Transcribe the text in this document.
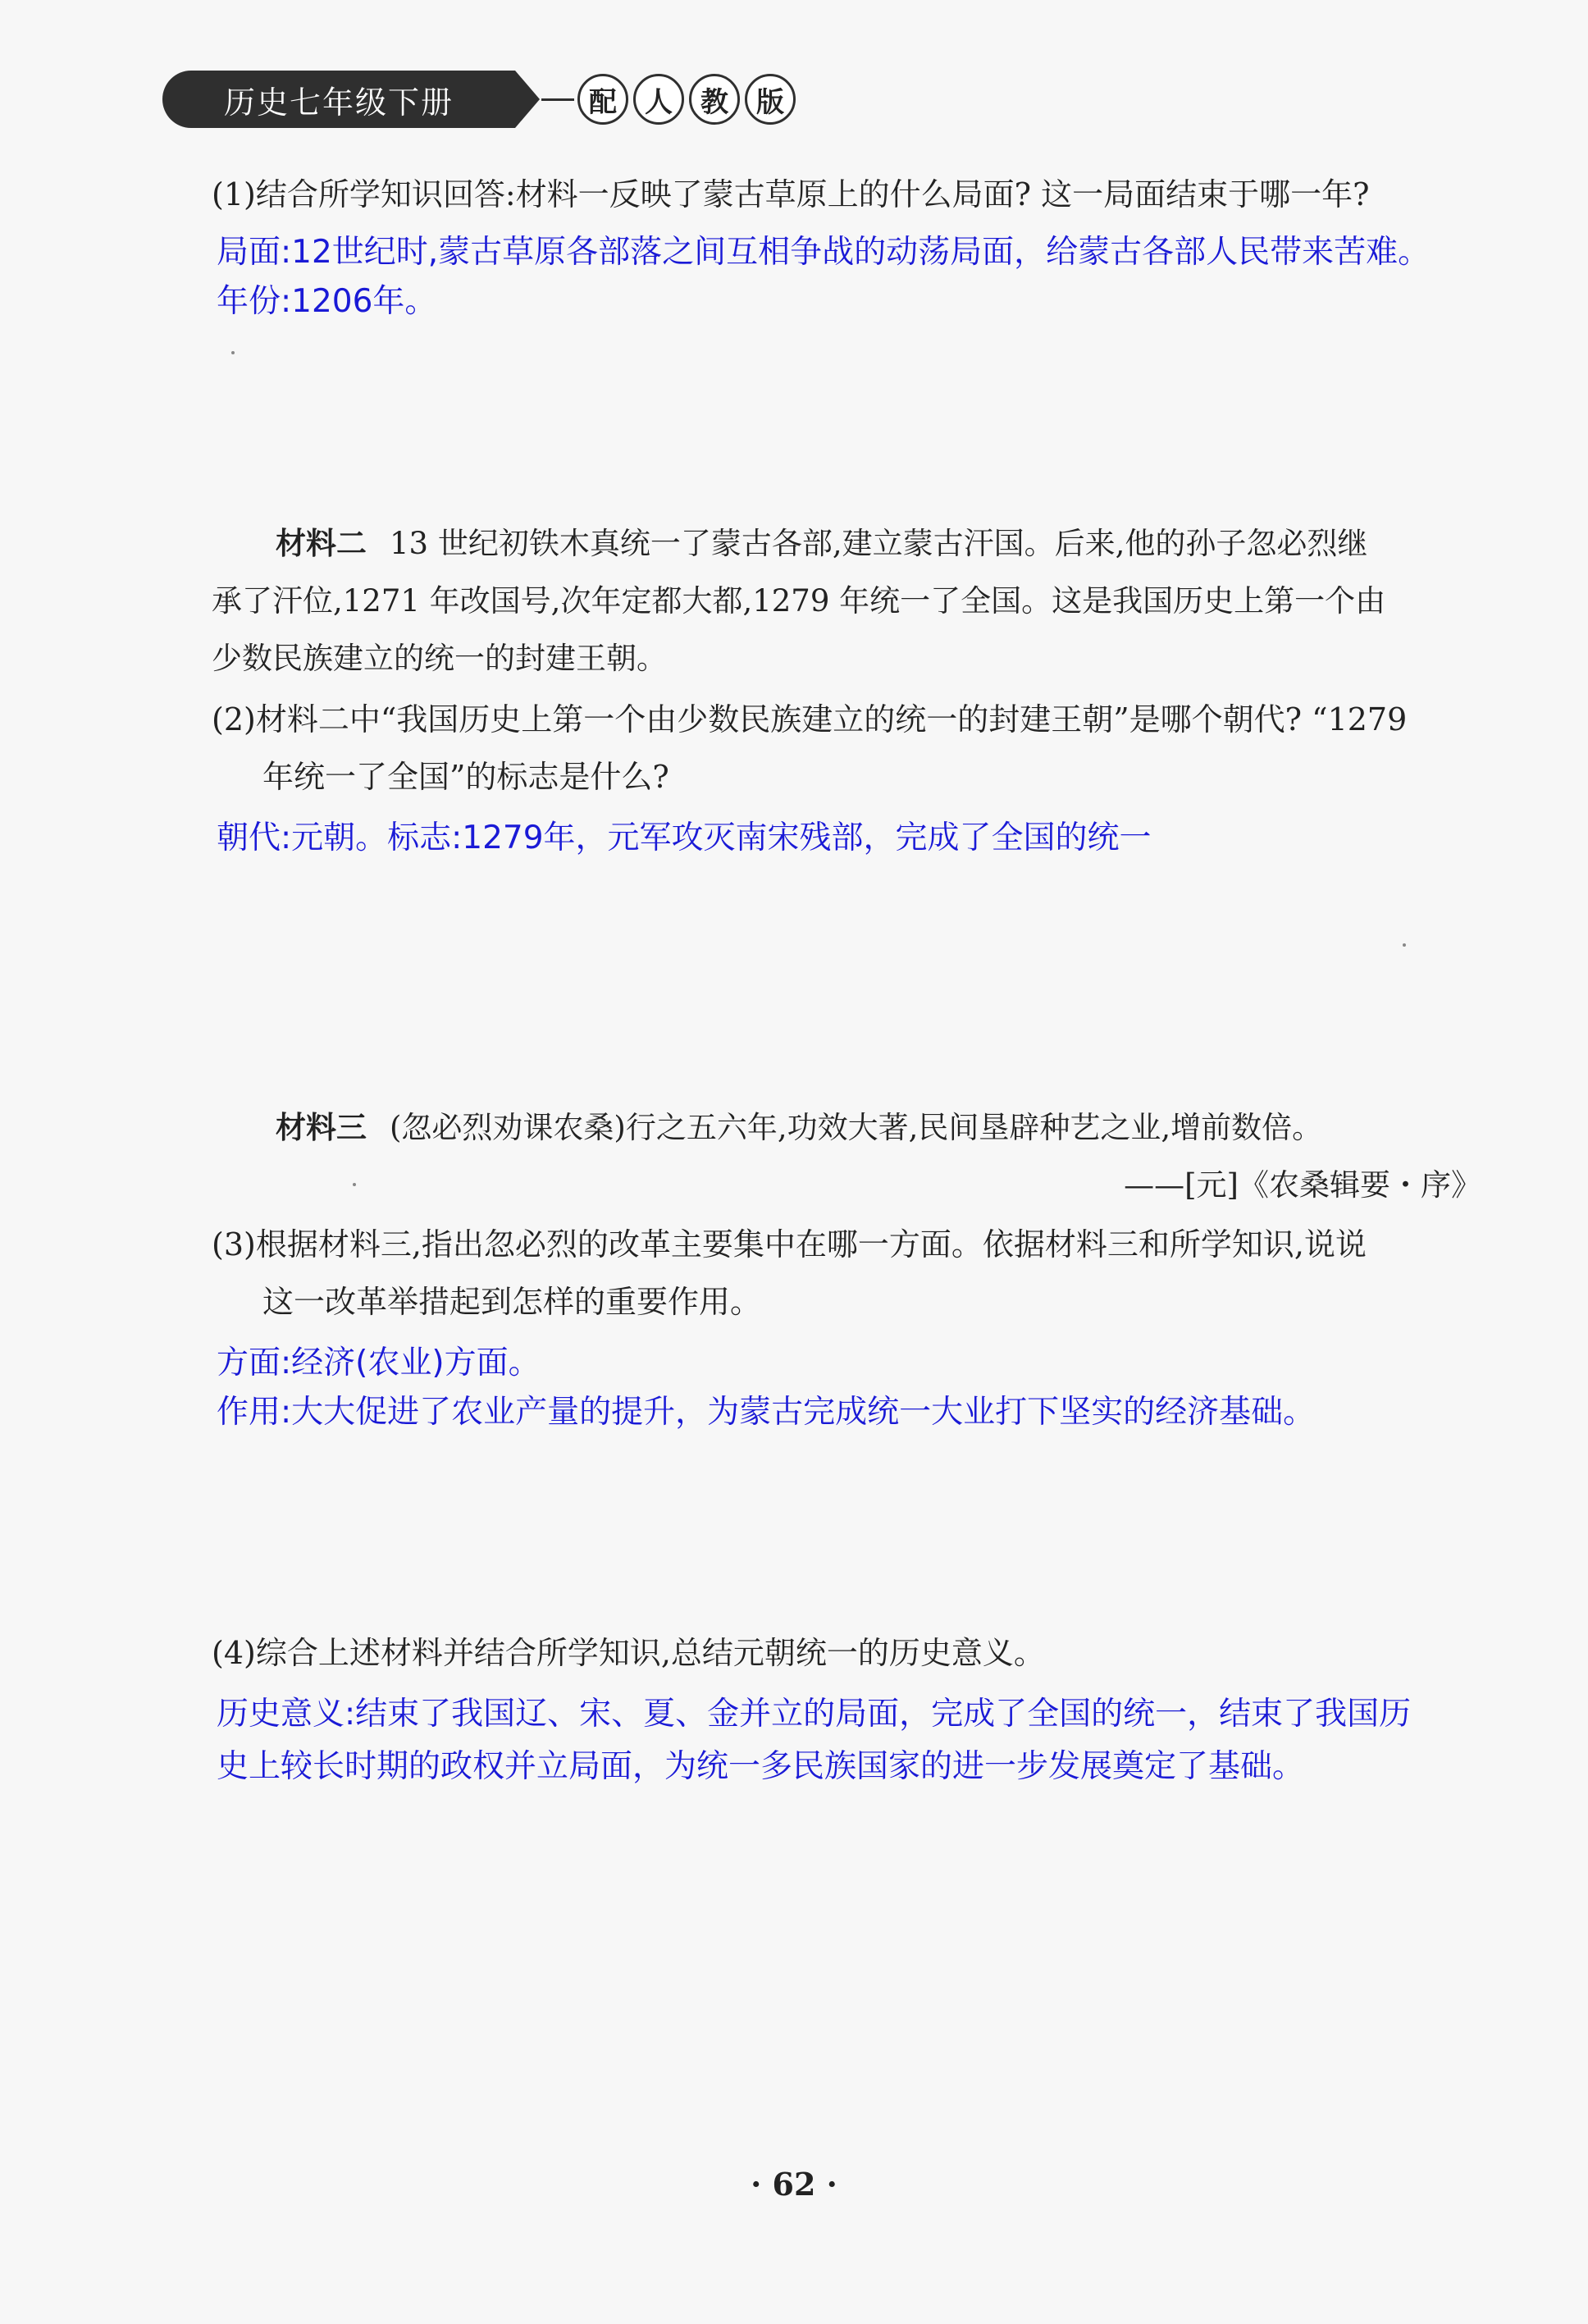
历史七年级下册	配	人	教	版
(1)结合所学知识回答:材料一反映了蒙古草原上的什么局面? 这一局面结束于哪一年?
局面:12世纪时,蒙古草原各部落之间互相争战的动荡局面，给蒙古各部人民带来苦难。
年份:1206年。
材料二 13 世纪初铁木真统一了蒙古各部,建立蒙古汗国。后来,他的孙子忽必烈继
承了汗位,1271 年改国号,次年定都大都,1279 年统一了全国。这是我国历史上第一个由
少数民族建立的统一的封建王朝。
(2)材料二中“我国历史上第一个由少数民族建立的统一的封建王朝”是哪个朝代? “1279
年统一了全国”的标志是什么?
朝代:元朝。标志:1279年，元军攻灭南宋残部，完成了全国的统一
材料三 (忽必烈劝课农桑)行之五六年,功效大著,民间垦辟种艺之业,增前数倍。
——[元]《农桑辑要・序》
(3)根据材料三,指出忽必烈的改革主要集中在哪一方面。依据材料三和所学知识,说说
这一改革举措起到怎样的重要作用。
方面:经济(农业)方面。
作用:大大促进了农业产量的提升，为蒙古完成统一大业打下坚实的经济基础。
(4)综合上述材料并结合所学知识,总结元朝统一的历史意义。
历史意义:结束了我国辽、宋、夏、金并立的局面，完成了全国的统一，结束了我国历
史上较长时期的政权并立局面，为统一多民族国家的进一步发展奠定了基础。
· 62 ·
